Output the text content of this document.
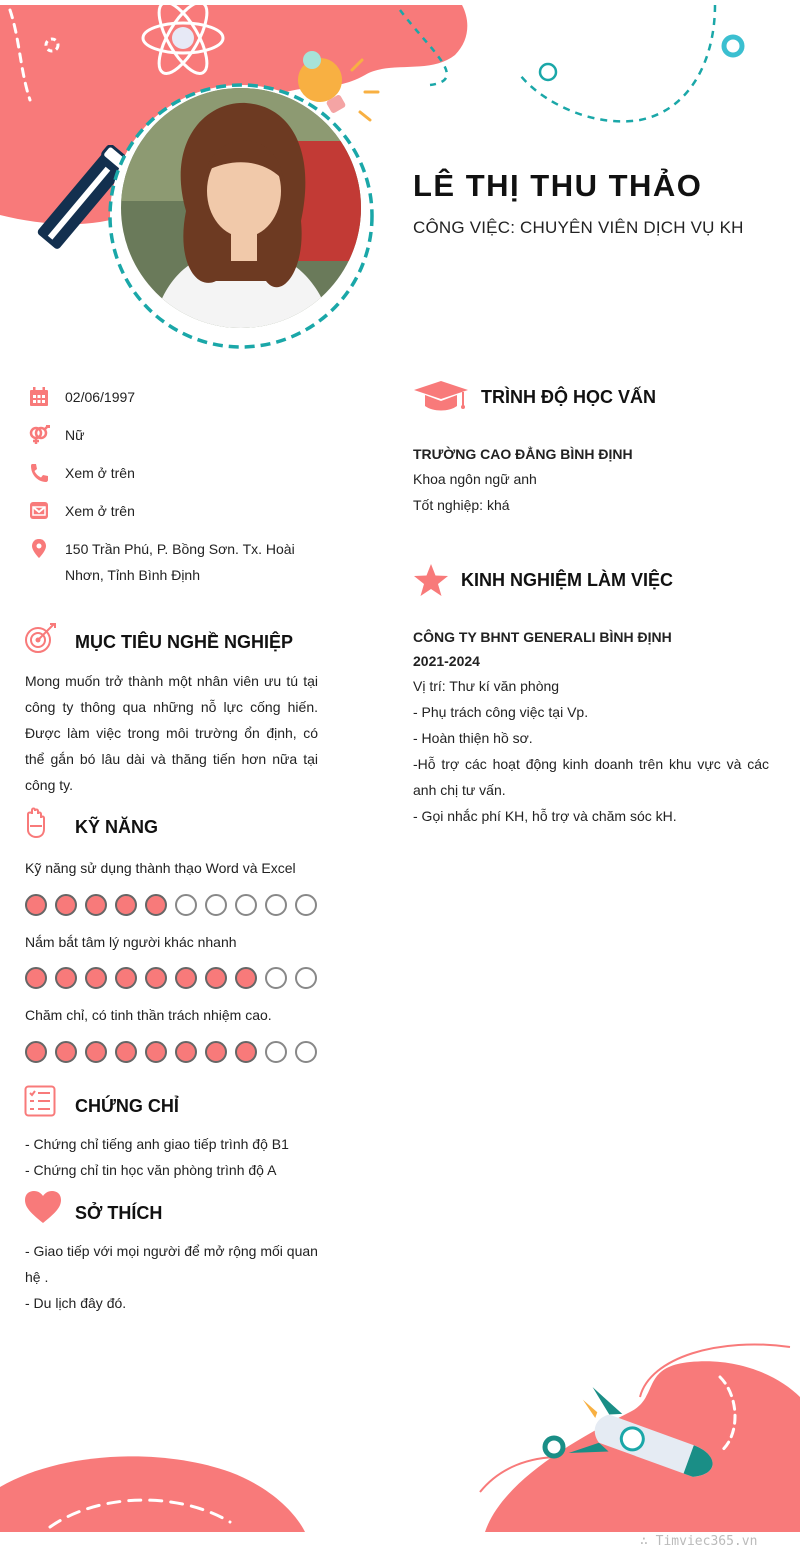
LÊ THỊ THU THẢO
CÔNG VIỆC: CHUYÊN VIÊN DỊCH VỤ KH
02/06/1997
Nữ
Xem ở trên
Xem ở trên
150 Trần Phú, P. Bồng Sơn. Tx. Hoài Nhơn, Tỉnh Bình Định
MỤC TIÊU NGHỀ NGHIỆP
Mong muốn trở thành một nhân viên ưu tú tại công ty thông qua những nỗ lực cống hiến. Được làm việc trong môi trường ổn định, có thể gắn bó lâu dài và thăng tiến hơn nữa tại công ty.
KỸ NĂNG
Kỹ năng sử dụng thành thạo Word và Excel
Nắm bắt tâm lý người khác nhanh
Chăm chỉ, có tinh thần trách nhiệm cao.
CHỨNG CHỈ
- Chứng chỉ tiếng anh giao tiếp trình độ B1
- Chứng chỉ tin học văn phòng trình độ A
SỞ THÍCH
- Giao tiếp với mọi người để mở rộng mối quan hệ .
- Du lịch đây đó.
TRÌNH ĐỘ HỌC VẤN
TRƯỜNG CAO ĐẲNG BÌNH ĐỊNH
Khoa ngôn ngữ anh
Tốt nghiệp: khá
KINH NGHIỆM LÀM VIỆC
CÔNG TY BHNT GENERALI BÌNH ĐỊNH
2021-2024
Vị trí: Thư kí văn phòng
- Phụ trách công việc tại Vp.
- Hoàn thiện hồ sơ.
-Hỗ trợ các hoạt động kinh doanh trên khu vực và các anh chị tư vấn.
- Gọi nhắc phí KH, hỗ trợ và chăm sóc kH.
∴ Timviec365.vn
